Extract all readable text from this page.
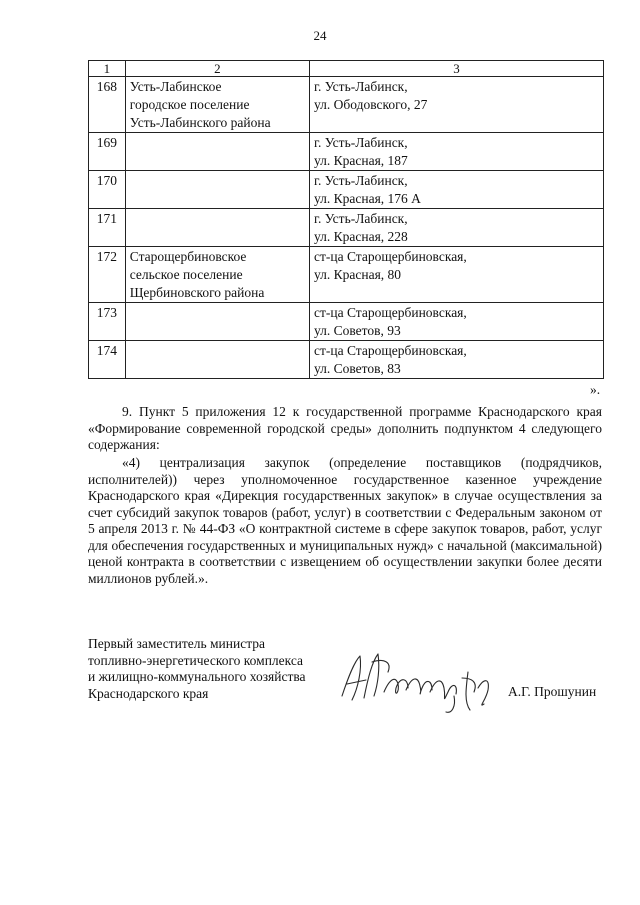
24
1	2	3
168	Усть-Лабинское
городское поселение
Усть-Лабинского района	г. Усть-Лабинск,
ул. Ободовского, 27

169		г. Усть-Лабинск,
ул. Красная, 187

170		г. Усть-Лабинск,
ул. Красная, 176 А

171		г. Усть-Лабинск,
ул. Красная, 228

172	Старощербиновское
сельское поселение
Щербиновского района	ст-ца Старощербиновская,
ул. Красная, 80

173		ст-ца Старощербиновская,
ул. Советов, 93

174		ст-ца Старощербиновская,
ул. Советов, 83
».

9. Пункт 5 приложения 12 к государственной программе Краснодарского края «Формирование современной городской среды» дополнить подпунктом 4 следующего содержания:

«4) централизация закупок (определение поставщиков (подрядчиков, исполнителей)) через уполномоченное государственное казенное учреждение Краснодарского края «Дирекция государственных закупок» в случае осуществления за счет субсидий закупок товаров (работ, услуг) в соответствии с Федеральным законом от 5 апреля 2013 г. № 44-ФЗ «О контрактной системе в сфере закупок товаров, работ, услуг для обеспечения государственных и муниципальных нужд» с начальной (максимальной) ценой контракта в соответствии с извещением об осуществлении закупки более десяти миллионов рублей.».

Первый заместитель министра
топливно-энергетического комплекса
и жилищно-коммунального хозяйства
Краснодарского края	А.Г. Прошунин
